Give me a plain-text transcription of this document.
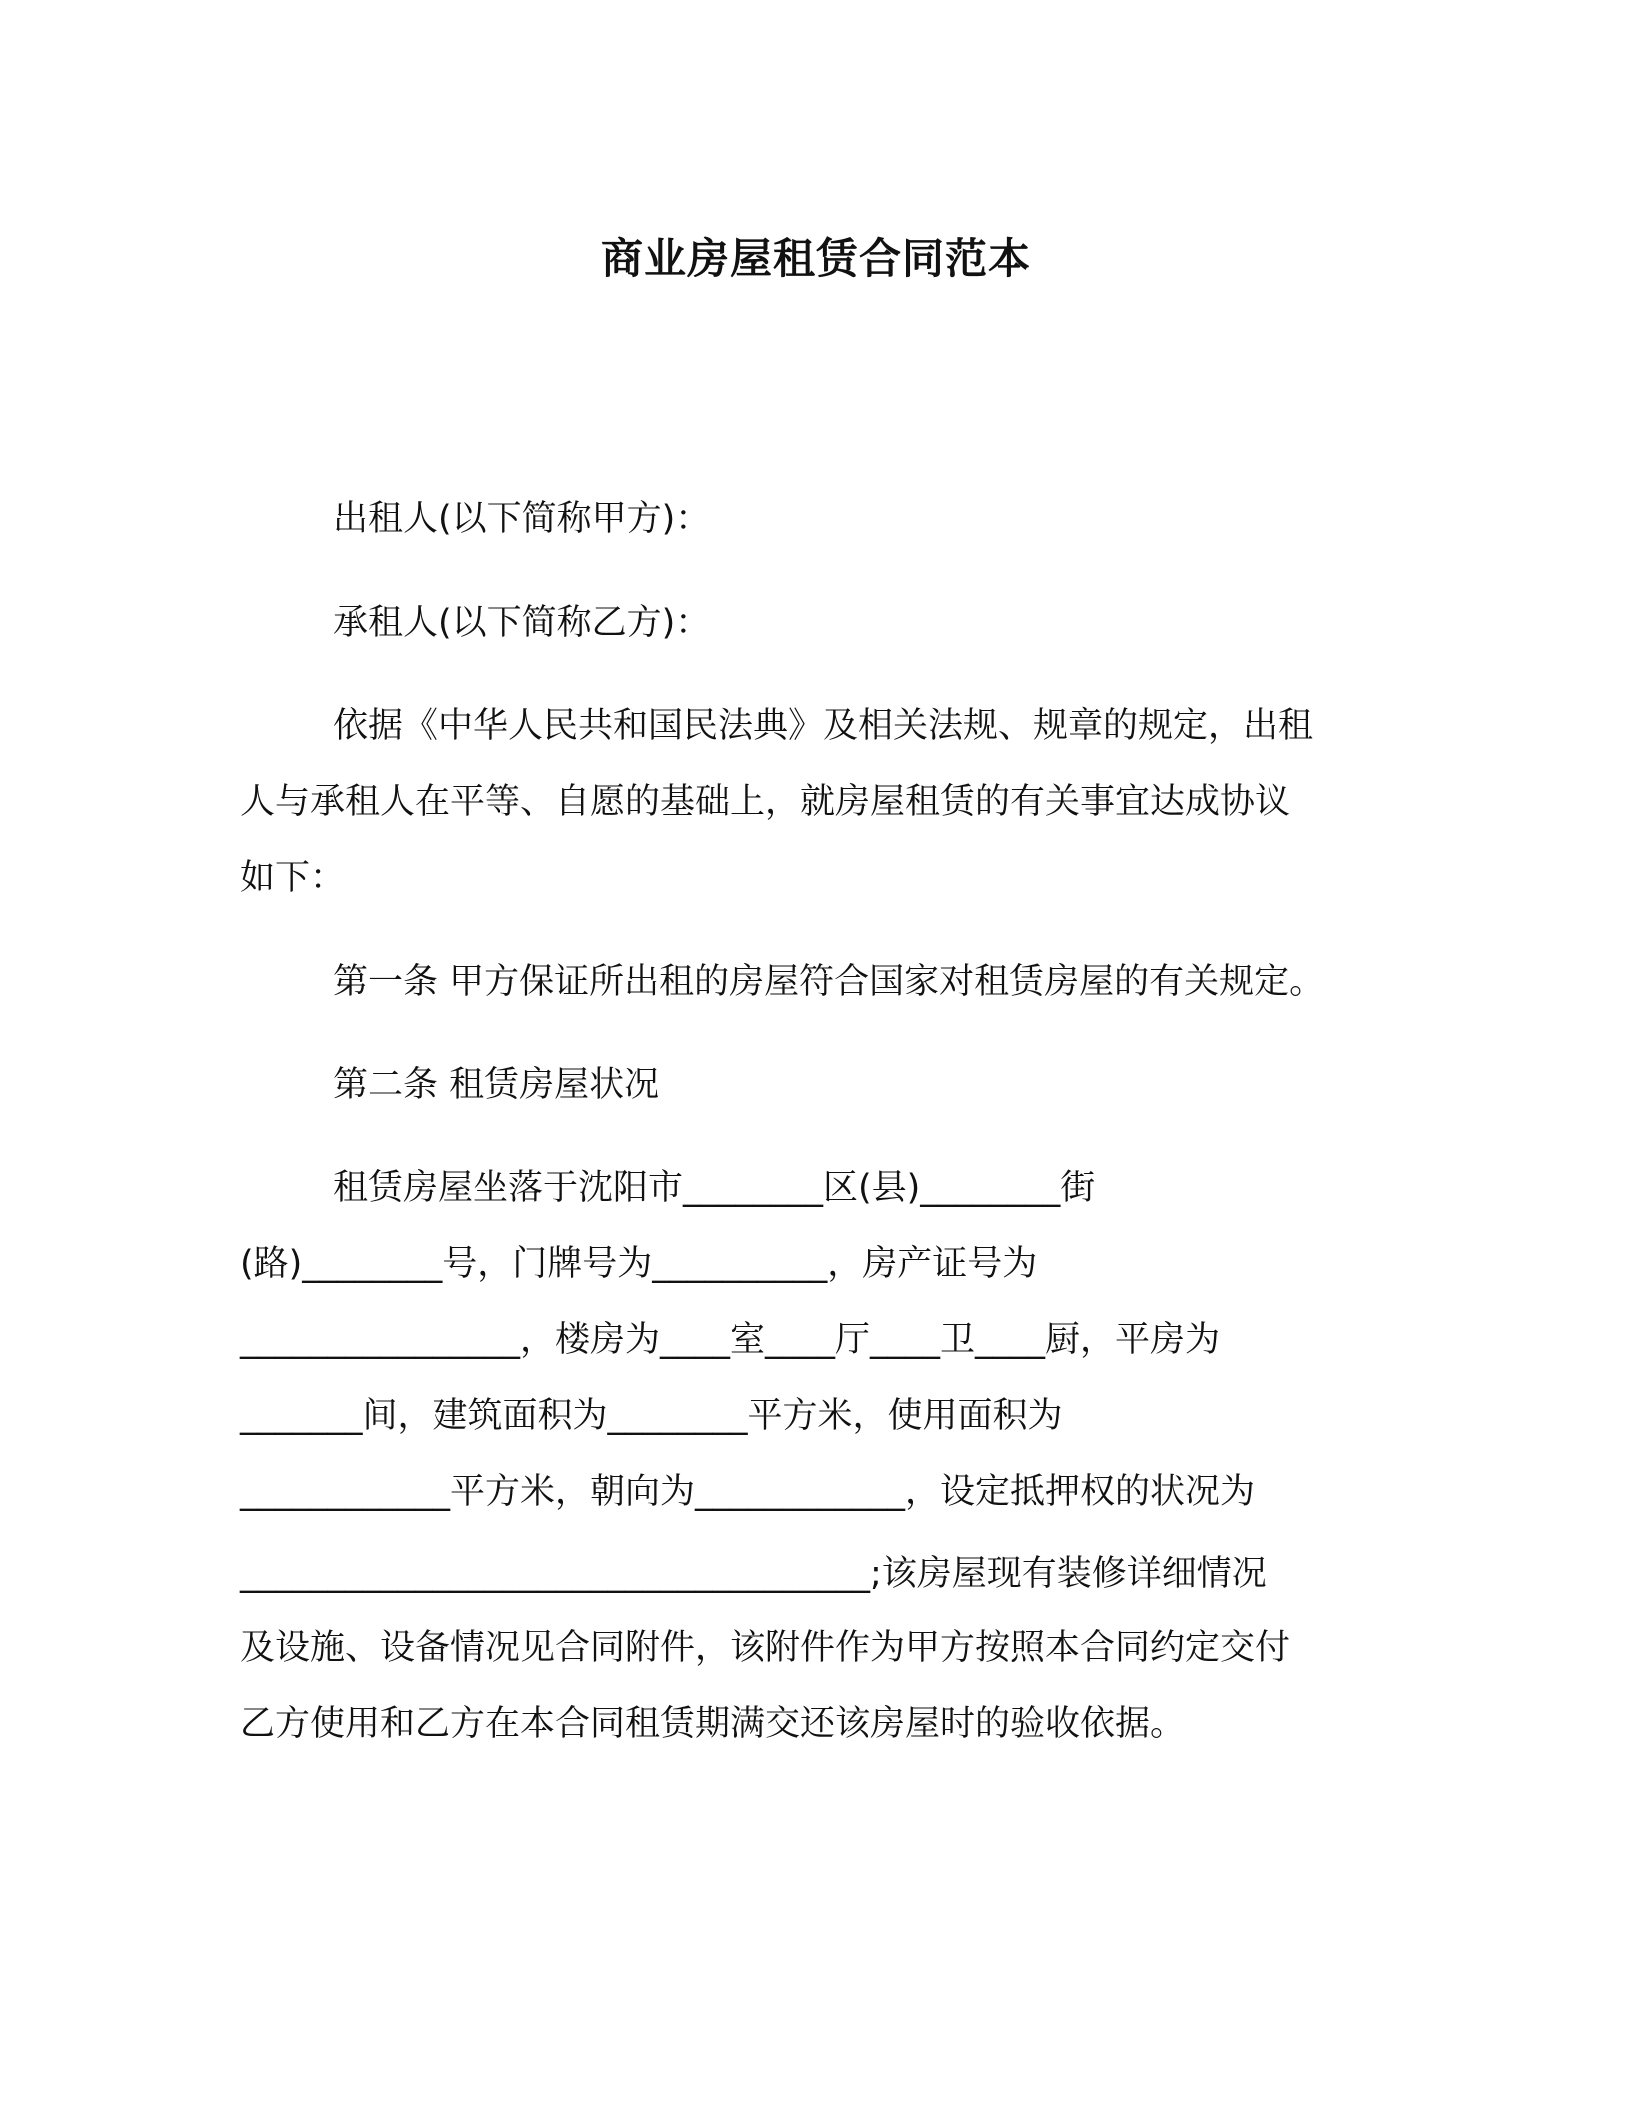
商业房屋租赁合同范本
出租人(以下简称甲方)：
承租人(以下简称乙方)：
依据《中华人民共和国民法典》及相关法规、规章的规定，出租
人与承租人在平等、自愿的基础上，就房屋租赁的有关事宜达成协议
如下：
第一条 甲方保证所出租的房屋符合国家对租赁房屋的有关规定。
第二条 租赁房屋状况
租赁房屋坐落于沈阳市________区(县)________街
(路)________号，门牌号为__________，房产证号为
________________，楼房为____室____厅____卫____厨，平房为
_______间，建筑面积为________平方米，使用面积为
____________平方米，朝向为____________，设定抵押权的状况为
____________________________________;该房屋现有装修详细情况
及设施、设备情况见合同附件，该附件作为甲方按照本合同约定交付
乙方使用和乙方在本合同租赁期满交还该房屋时的验收依据。
